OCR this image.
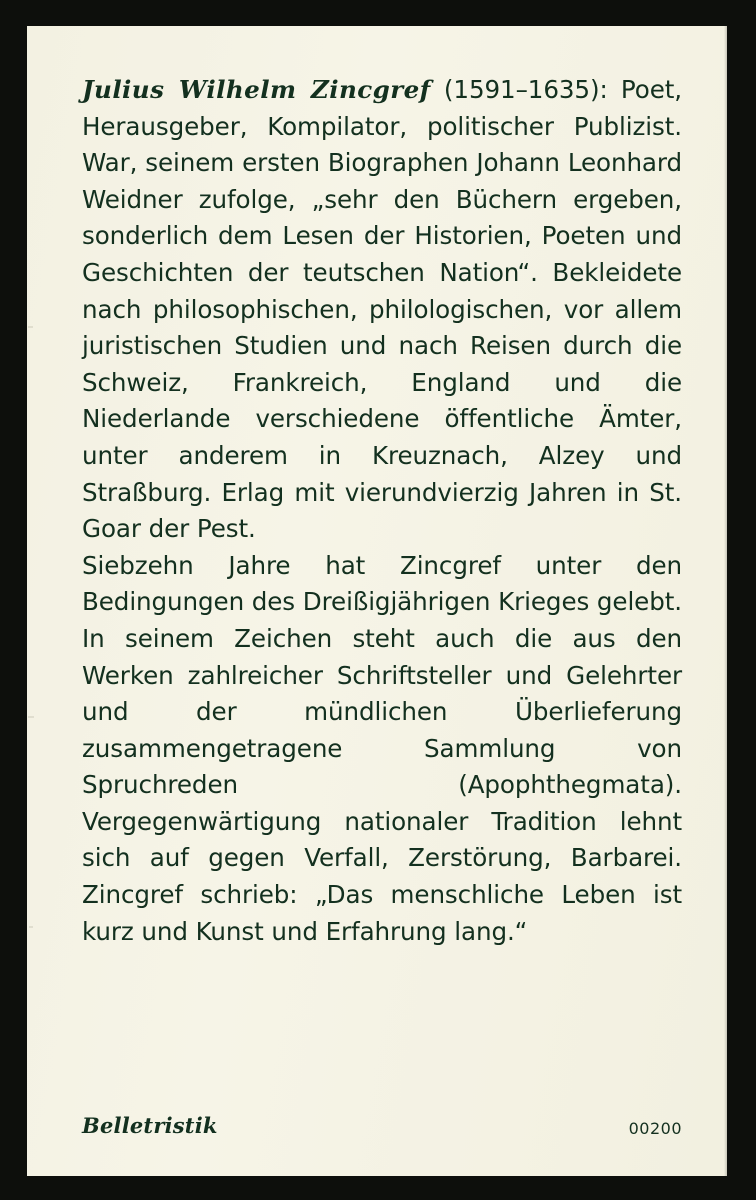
Julius Wilhelm Zincgref (1591–1635): Poet, Herausgeber, Kompilator, politischer Publizist. War, seinem ersten Biographen Johann Leonhard Weidner zufolge, „sehr den Büchern ergeben, sonderlich dem Lesen der Historien, Poeten und Geschichten der teutschen Nation“. Bekleidete nach philosophischen, philologischen, vor allem juristischen Studien und nach Reisen durch die Schweiz, Frankreich, England und die Niederlande verschiedene öffentliche Ämter, unter anderem in Kreuznach, Alzey und Straßburg. Erlag mit vierundvierzig Jahren in St. Goar der Pest.

Siebzehn Jahre hat Zincgref unter den Bedingungen des Dreißigjährigen Krieges gelebt. In seinem Zeichen steht auch die aus den Werken zahlreicher Schriftsteller und Gelehrter und der mündlichen Überlieferung zusammengetragene Sammlung von Spruchreden (Apophthegmata). Vergegenwärtigung nationaler Tradition lehnt sich auf gegen Verfall, Zerstörung, Barbarei. Zincgref schrieb: „Das menschliche Leben ist kurz und Kunst und Erfahrung lang.“

Belletristik	00200
